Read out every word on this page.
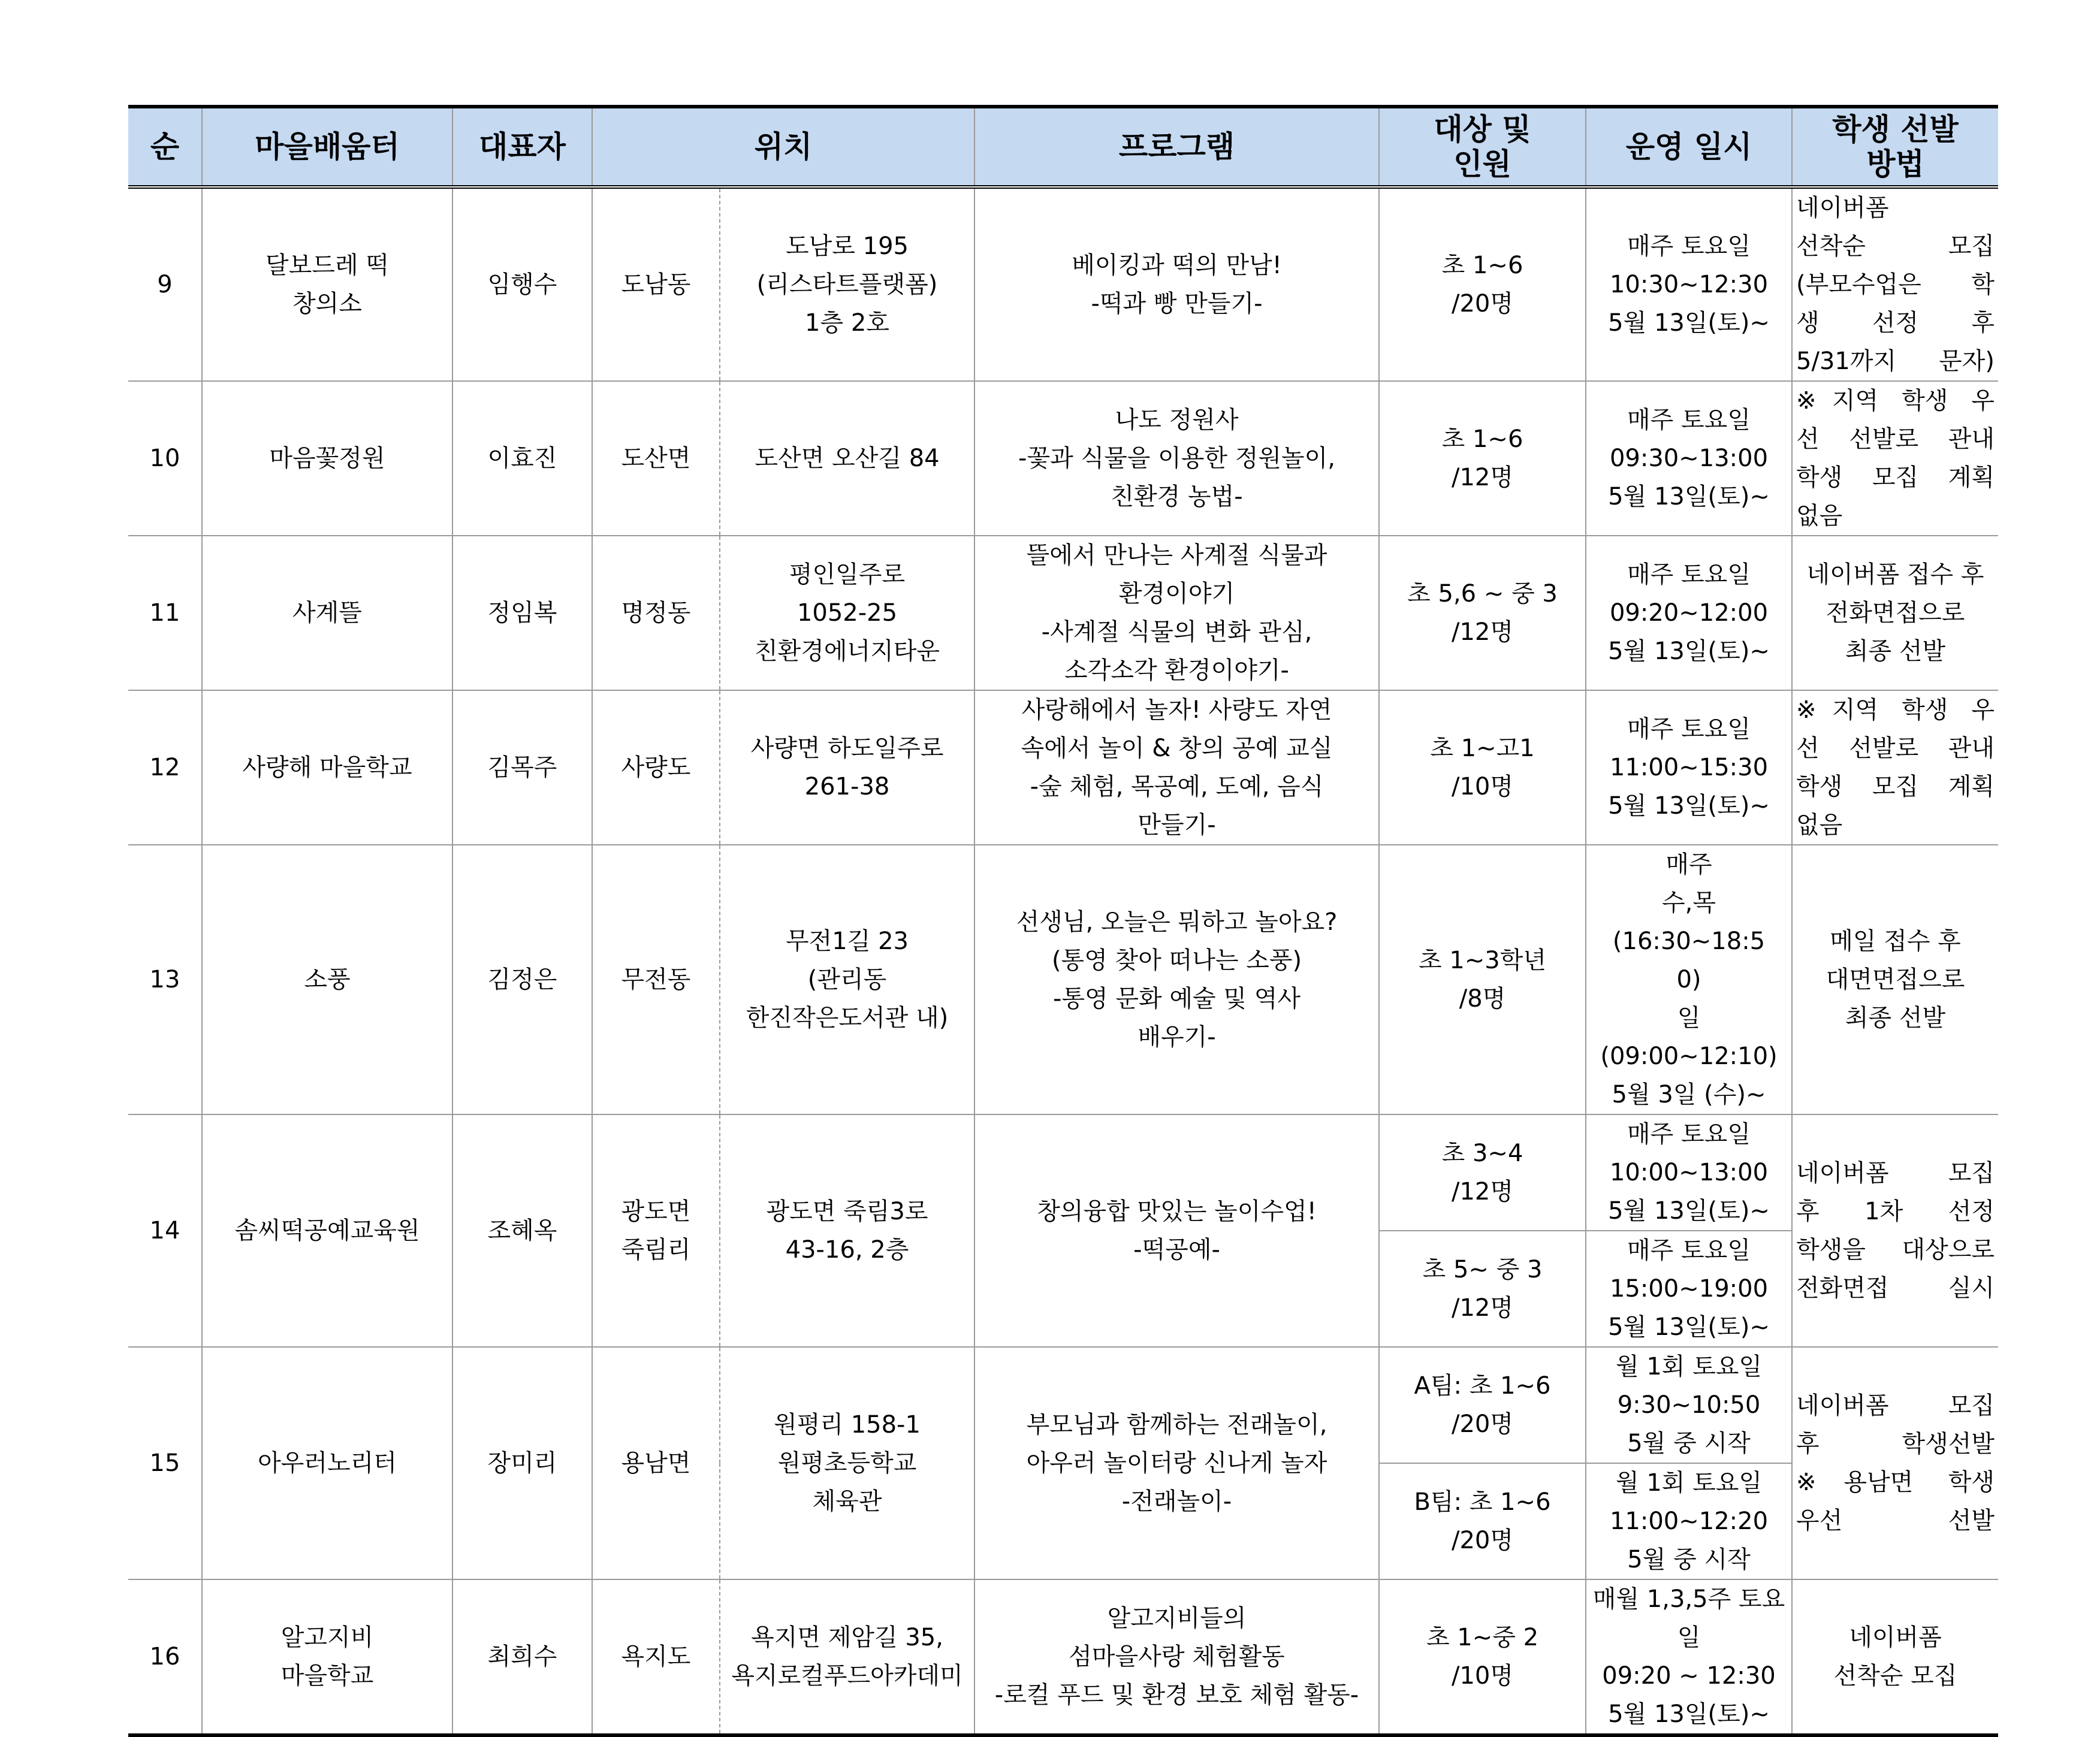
순	마을배움터	대표자	위치		프로그램	대상 및
인원	운영 일시	학생 선발
방법

9	달보드레 떡
창의소	임행수	도남동	도남로 195
(리스타트플랫폼)
1층 2호	베이킹과 떡의 만남!
-떡과 빵 만들기-	초 1~6
/20명	매주 토요일
10:30~12:30
5월 13일(토)~	네이버폼
선착순 모집
(부모수업은 학
생 선정 후
5/31까지 문자)

10	마음꽃정원	이효진	도산면	도산면 오산길 84	나도 정원사
-꽃과 식물을 이용한 정원놀이,
친환경 농법-	초 1~6
/12명	매주 토요일
09:30~13:00
5월 13일(토)~	※지역 학생 우
선 선발로 관내
학생 모집 계획
없음

11	사계뜰	정임복	명정동	평인일주로
1052-25
친환경에너지타운	뜰에서 만나는 사계절 식물과
환경이야기
-사계절 식물의 변화 관심,
소각소각 환경이야기-	초 5,6 ~ 중 3
/12명	매주 토요일
09:20~12:00
5월 13일(토)~	네이버폼 접수 후
전화면접으로
최종 선발

12	사량해 마을학교	김목주	사량도	사량면 하도일주로
261-38	사랑해에서 놀자! 사량도 자연
속에서 놀이 & 창의 공예 교실
-숲 체험, 목공예, 도예, 음식
만들기-	초 1~고1
/10명	매주 토요일
11:00~15:30
5월 13일(토)~	※지역 학생 우
선 선발로 관내
학생 모집 계획
없음

13	소풍	김정은	무전동	무전1길 23
(관리동
한진작은도서관 내)	선생님, 오늘은 뭐하고 놀아요?
(통영 찾아 떠나는 소풍)
-통영 문화 예술 및 역사
배우기-	초 1~3학년
/8명	매주
수,목(16:30~18:5
0)
일(09:00~12:10)
5월 3일 (수)~	메일 접수 후
대면면접으로
최종 선발

14	솜씨떡공예교육원	조혜옥	광도면
죽림리	광도면 죽림3로
43-16, 2층	창의융합 맛있는 놀이수업!
-떡공예-	초 3~4
/12명	매주 토요일
10:00~13:00
5월 13일(토)~	네이버폼 모집
후 1차 선정
학생을 대상으로
전화면접 실시

						초 5~ 중 3
/12명	매주 토요일
15:00~19:00
5월 13일(토)~	

15	아우러노리터	장미리	용남면	원평리 158-1
원평초등학교
체육관	부모님과 함께하는 전래놀이,
아우러 놀이터랑 신나게 놀자
-전래놀이-	A팀: 초 1~6
/20명	월 1회 토요일
9:30~10:50
5월 중 시작	네이버폼 모집
후 학생선발
※용남면 학생
우선 선발

						B팀: 초 1~6
/20명	월 1회 토요일
11:00~12:20
5월 중 시작	

16	알고지비
마을학교	최희수	욕지도	욕지면 제암길 35,
욕지로컬푸드아카데미	알고지비들의
섬마을사랑 체험활동
-로컬 푸드 및 환경 보호 체험 활동-	초 1~중 2
/10명	매월 1,3,5주 토요일
09:20 ~ 12:30
5월 13일(토)~	네이버폼
선착순 모집
